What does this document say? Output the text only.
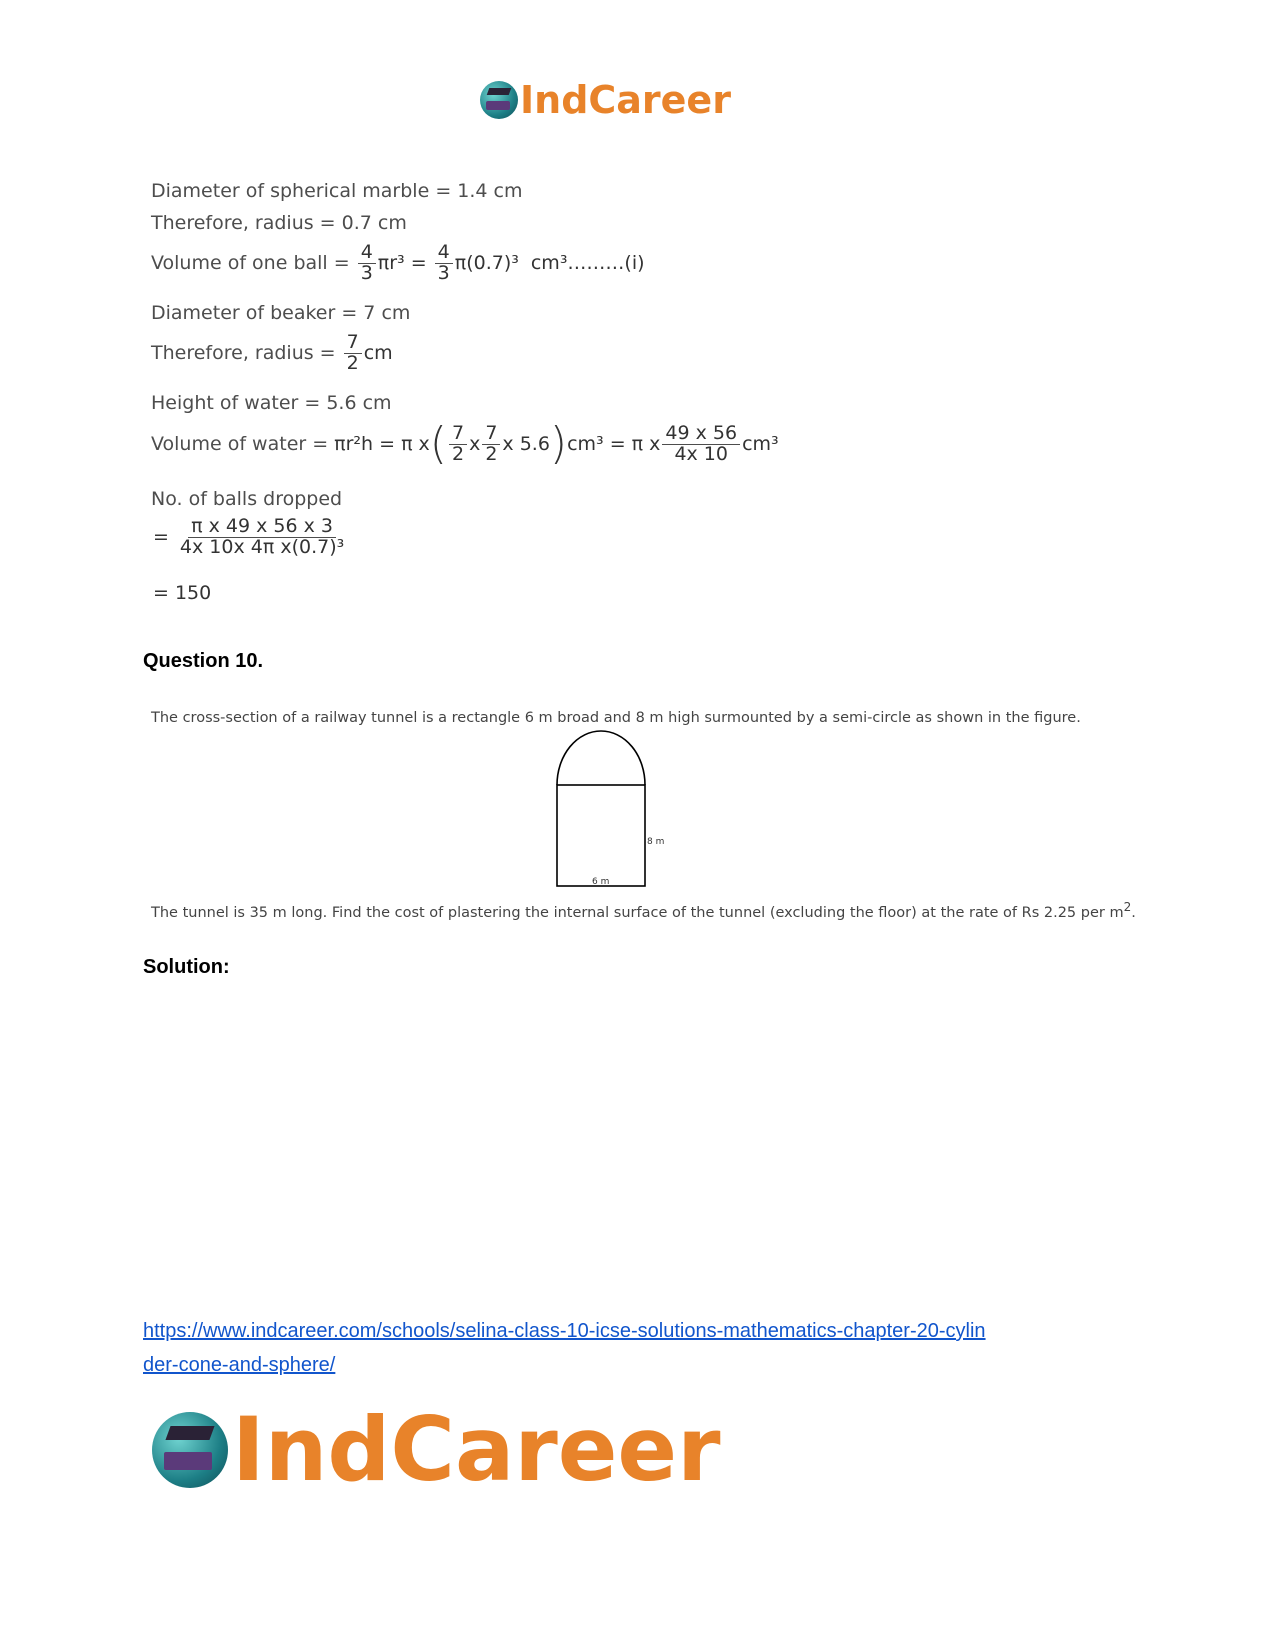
IndCareer
Diameter of spherical marble = 1.4 cm
Therefore, radius = 0.7 cm
Volume of one ball = $\frac{4}{3} \pi r^3 = \frac{4}{3} \pi(0.7)^3$ cm³………(i)
Diameter of beaker = 7 cm
Therefore, radius = $\frac{7}{2}$ cm
Height of water = 5.6 cm
Volume of water = πr²h = π x ( $\frac{7}{2}$ x $\frac{7}{2}$ x 5.6 ) cm³ = π x $\frac{49 x 56}{4x 10} cm^3$
No. of balls dropped
= $\frac{\text{π x 49 x 56 x 3}}{\text{4x 10x 4π x(0.7)³}}$
= 150
Question 10.
The cross-section of a railway tunnel is a rectangle 6 m broad and 8 m high surmounted by a semi-circle as shown in the figure.
8 m
6 m
The tunnel is 35 m long. Find the cost of plastering the internal surface of the tunnel (excluding the floor) at the rate of Rs 2.25 per $m^2$.
Solution:
https://www.indcareer.com/schools/selina-class-10-icse-solutions-mathematics-chapter-20-cylin
der-cone-and-sphere/
IndCareer
